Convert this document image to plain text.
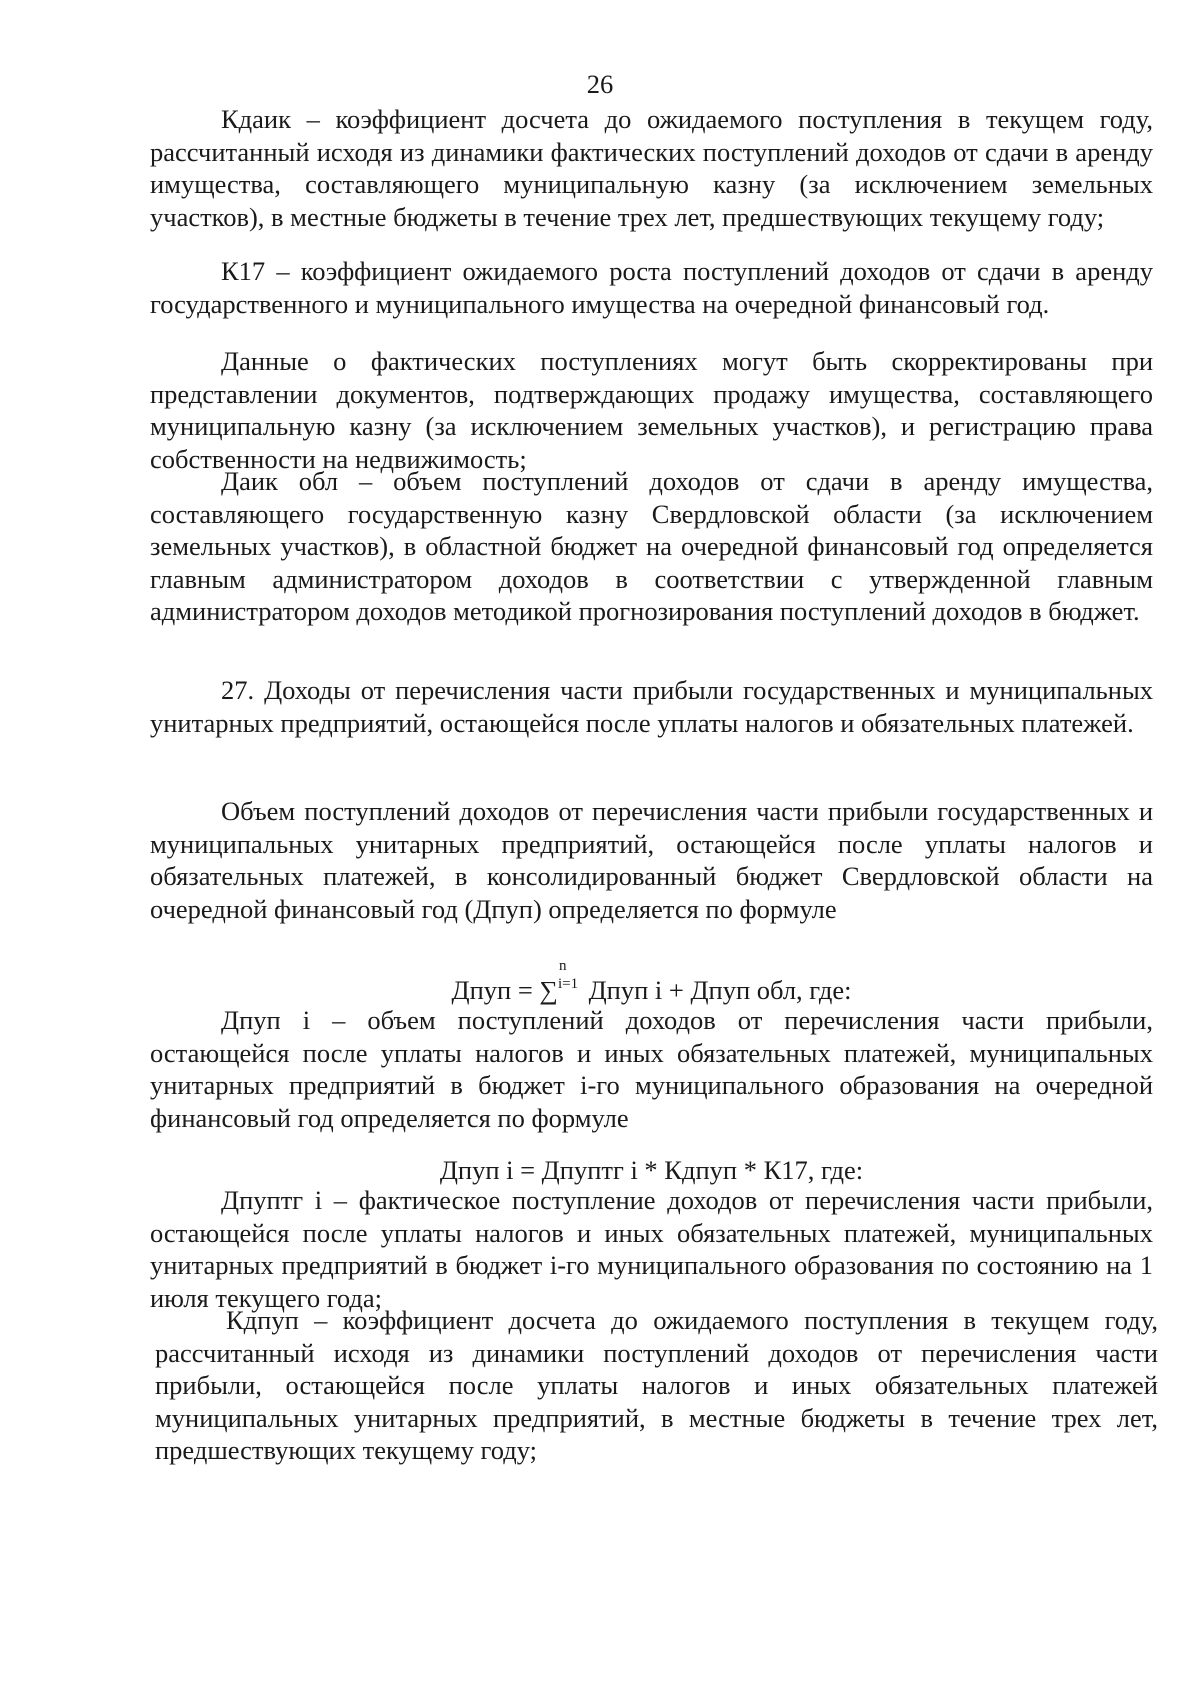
26

Кдаик – коэффициент досчета до ожидаемого поступления в текущем году, рассчитанный исходя из динамики фактических поступлений доходов от сдачи в аренду имущества, составляющего муниципальную казну (за исключением земельных участков), в местные бюджеты в течение трех лет, предшествующих текущему году;

К17 – коэффициент ожидаемого роста поступлений доходов от сдачи в аренду государственного и муниципального имущества на очередной финансовый год.

Данные о фактических поступлениях могут быть скорректированы при представлении документов, подтверждающих продажу имущества, составляющего муниципальную казну (за исключением земельных участков), и регистрацию права собственности на недвижимость;

Даик обл – объем поступлений доходов от сдачи в аренду имущества, составляющего государственную казну Свердловской области (за исключением земельных участков), в областной бюджет на очередной финансовый год определяется главным администратором доходов в соответствии с утвержденной главным администратором доходов методикой прогнозирования поступлений доходов в бюджет.

27. Доходы от перечисления части прибыли государственных и муниципальных унитарных предприятий, остающейся после уплаты налогов и обязательных платежей.

Объем поступлений доходов от перечисления части прибыли государственных и муниципальных унитарных предприятий, остающейся после уплаты налогов и обязательных платежей, в консолидированный бюджет Свердловской области на очередной финансовый год (Дпуп) определяется по формуле

Дпуп = ∑
n
i=1 Дпуп i + Дпуп обл, где:

Дпуп i – объем поступлений доходов от перечисления части прибыли, остающейся после уплаты налогов и иных обязательных платежей, муниципальных унитарных предприятий в бюджет i-го муниципального образования на очередной финансовый год определяется по формуле

Дпуп i = Дпуптг i * Кдпуп * К17, где:

Дпуптг i – фактическое поступление доходов от перечисления части прибыли, остающейся после уплаты налогов и иных обязательных платежей, муниципальных унитарных предприятий в бюджет i-го муниципального образования по состоянию на 1 июля текущего года;

Кдпуп – коэффициент досчета до ожидаемого поступления в текущем году, рассчитанный исходя из динамики поступлений доходов от перечисления части прибыли, остающейся после уплаты налогов и иных обязательных платежей муниципальных унитарных предприятий, в местные бюджеты в течение трех лет, предшествующих текущему году;
